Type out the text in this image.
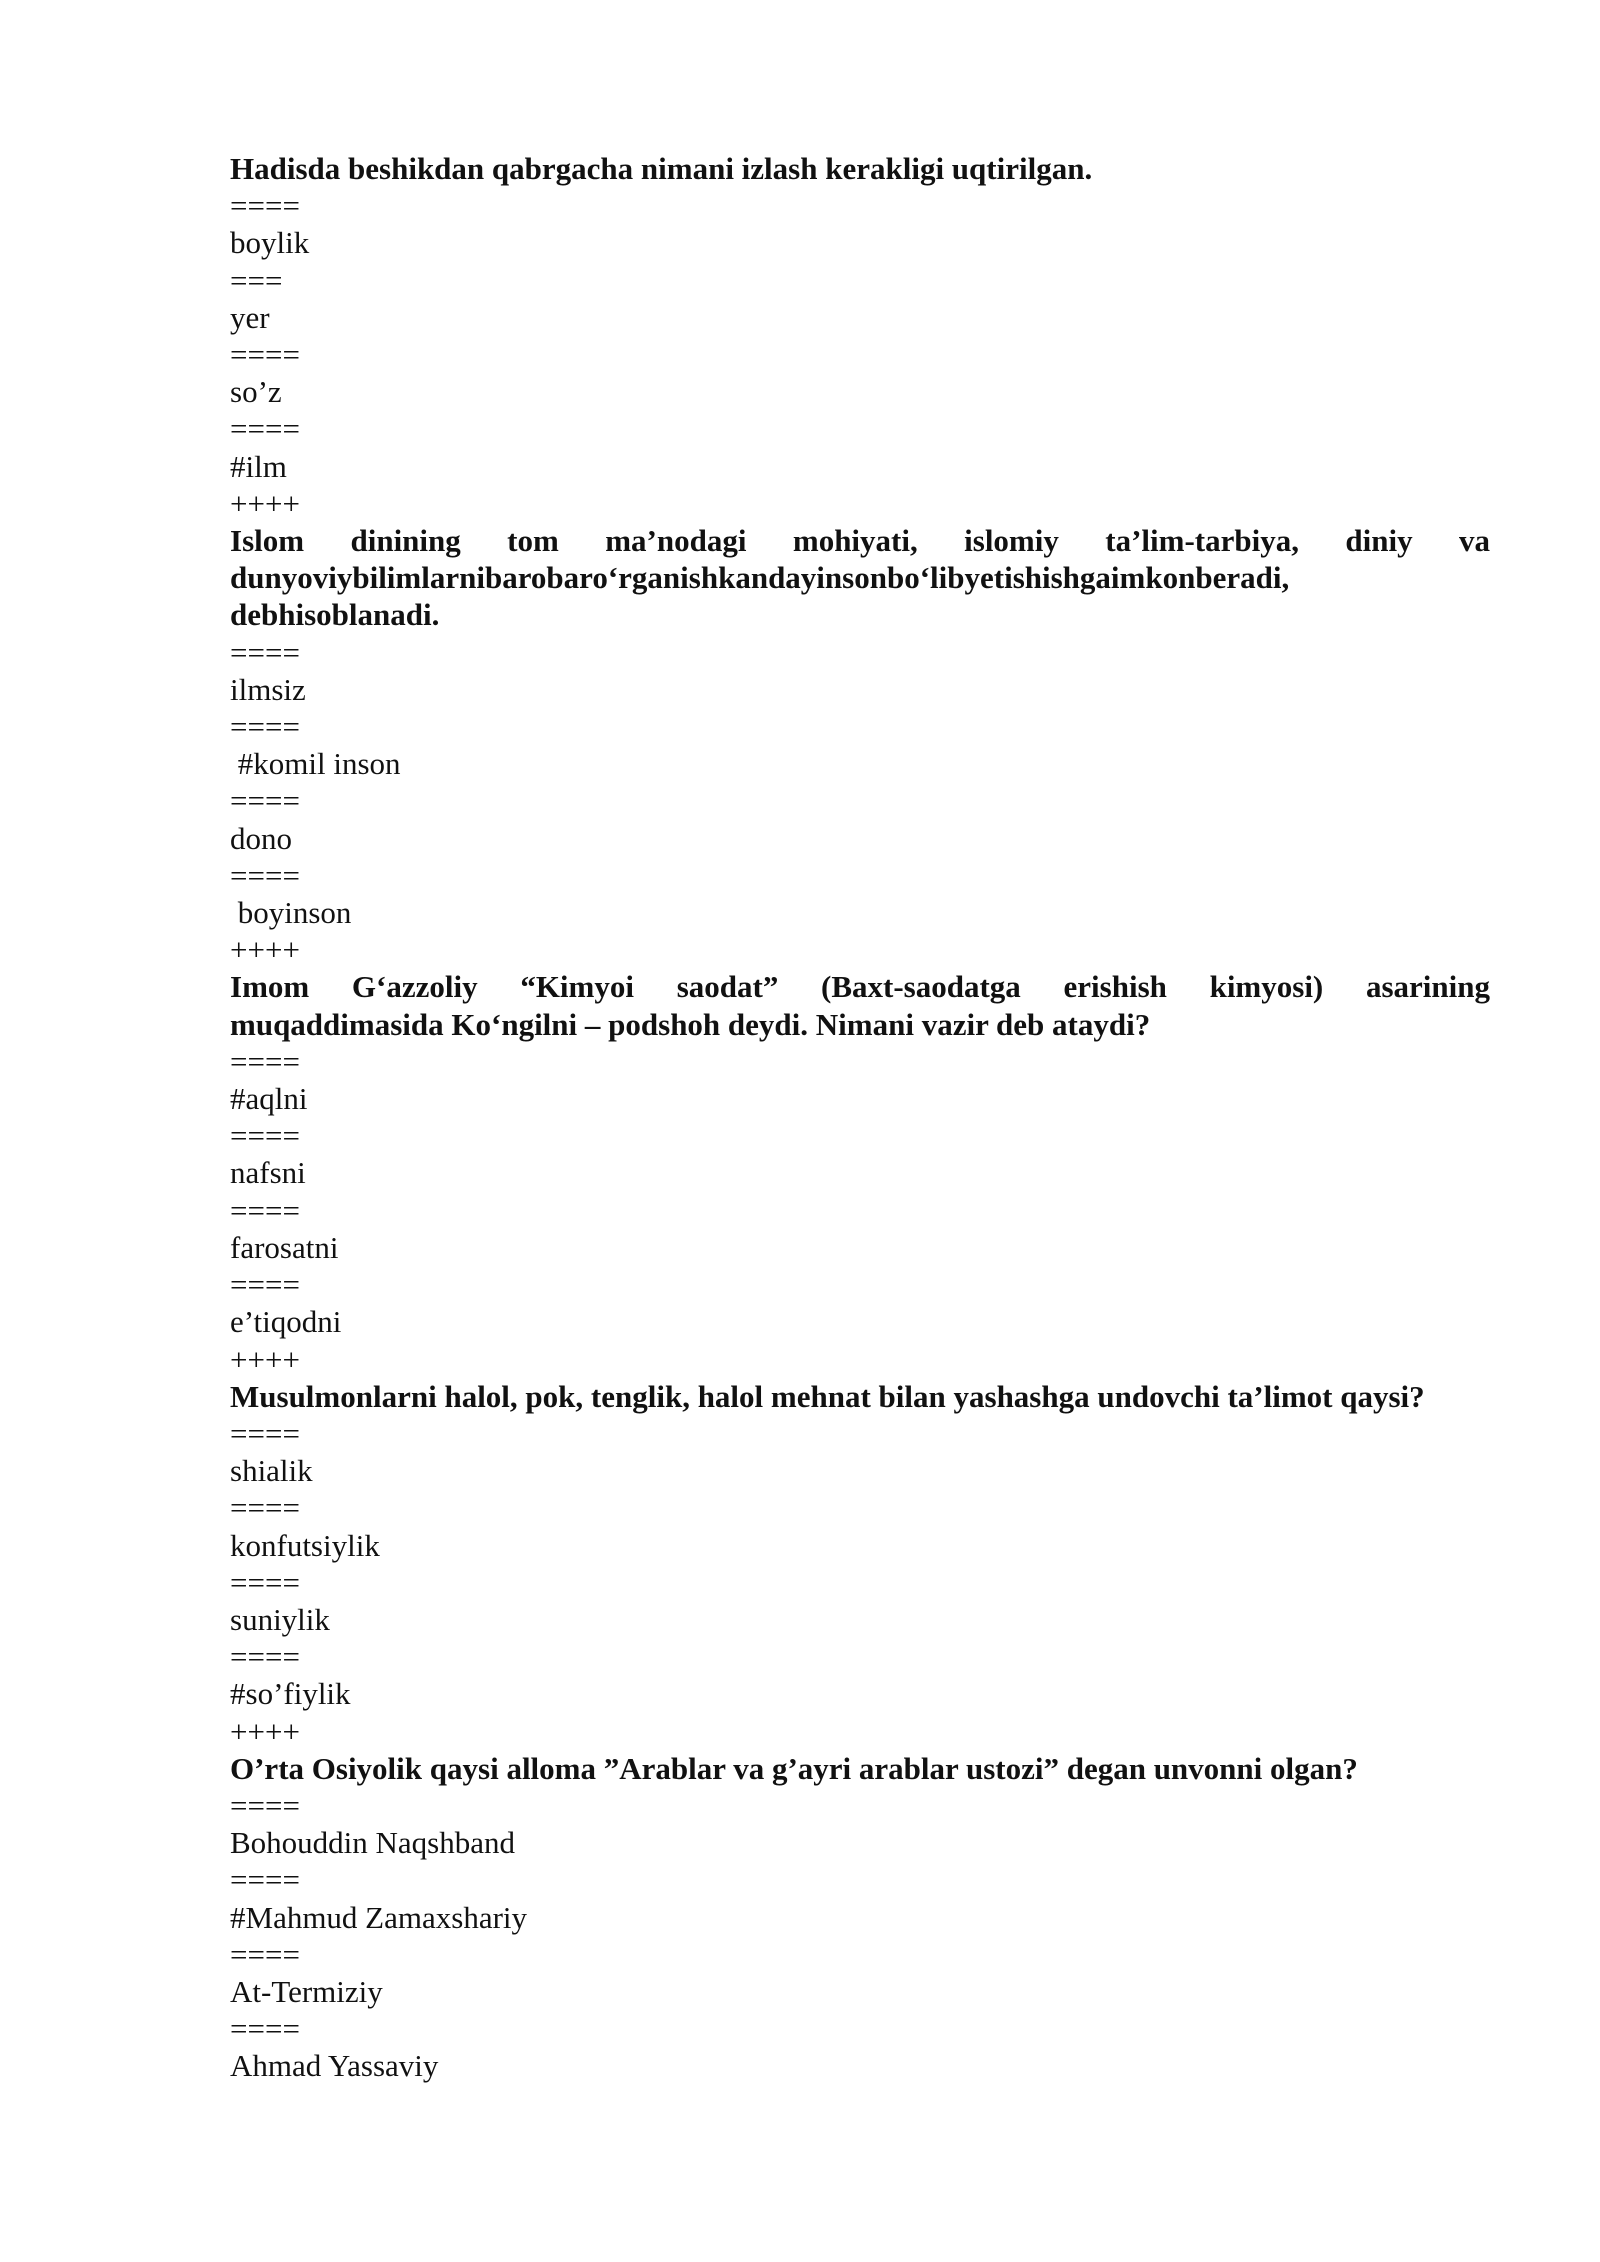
Hadisda beshikdan qabrgacha nimani izlash kerakligi uqtirilgan.
====
boylik
===
yer
====
so’z
====
#ilm
++++
Islom dinining tom ma’nodagi mohiyati, islomiy ta’lim-tarbiya, diniy va
dunyoviybilimlarnibarobaro‘rganishkandayinsonbo‘libyetishishgaimkonberadi,
debhisoblanadi.
====
ilmsiz
====
#komil inson
====
dono
====
boyinson
++++
Imom G‘azzoliy “Kimyoi saodat” (Baxt-saodatga erishish kimyosi) asarining
muqaddimasida Ko‘ngilni – podshoh deydi. Nimani vazir deb ataydi?
====
#aqlni
====
nafsni
====
farosatni
====
e’tiqodni
++++
Musulmonlarni halol, pok, tenglik, halol mehnat bilan yashashga undovchi ta’limot qaysi?
====
shialik
====
konfutsiylik
====
suniylik
====
#so’fiylik
++++
O’rta Osiyolik qaysi alloma ”Arablar va g’ayri arablar ustozi” degan unvonni olgan?
====
Bohouddin Naqshband
====
#Mahmud Zamaxshariy
====
At-Termiziy
====
Ahmad Yassaviy
